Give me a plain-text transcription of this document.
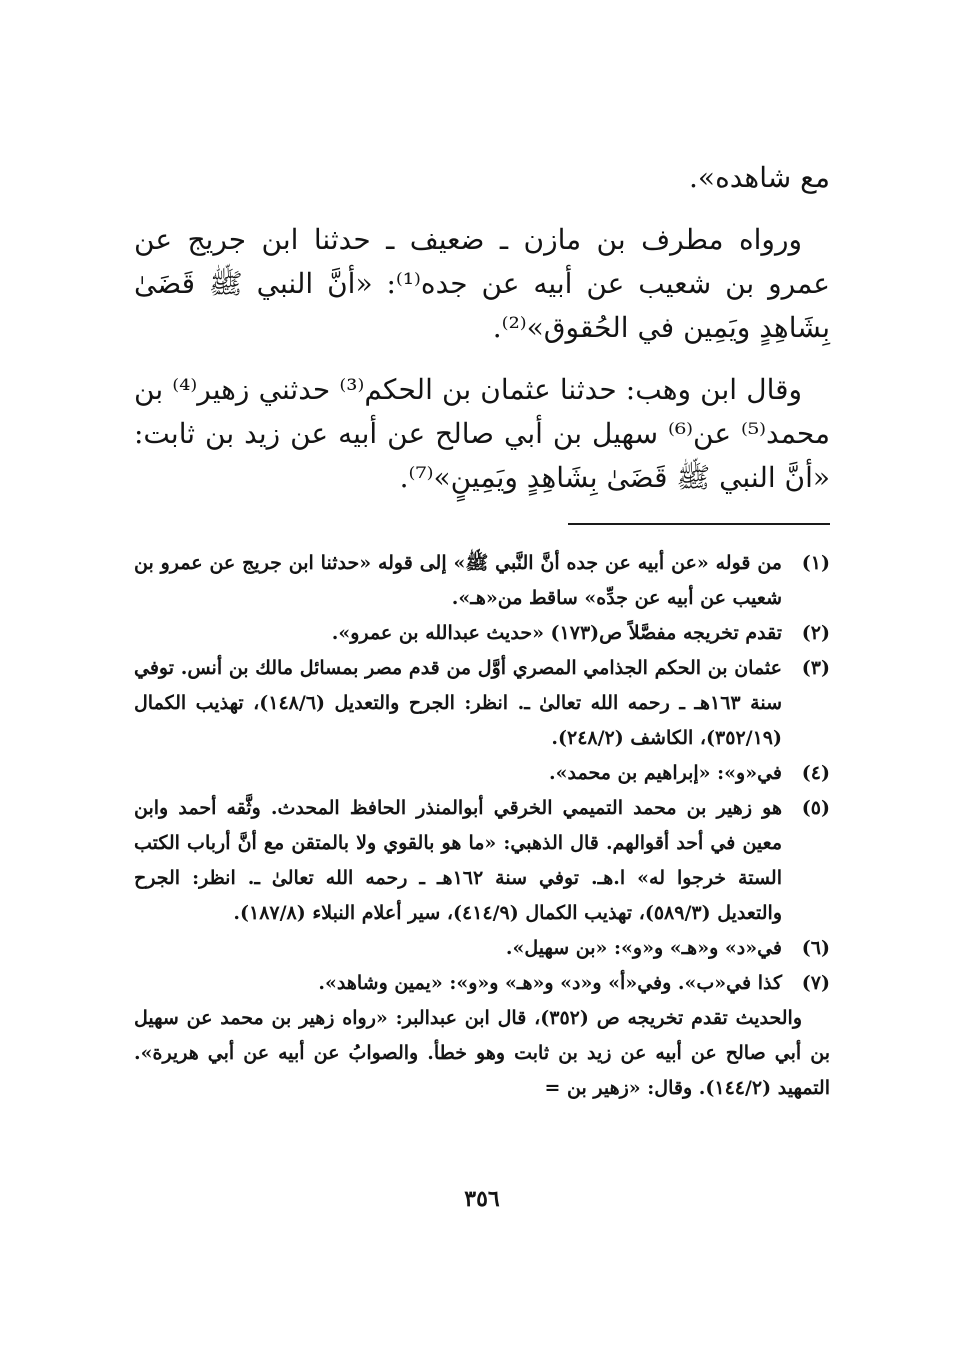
مع شاهده».

ورواه مطرف بن مازن ـ ضعيف ـ حدثنا ابن جريج عن عمرو بن شعيب عن أبيه عن جده⁽¹⁾: «أنَّ النبي ﷺ قَضَىٰ بِشَاهِدٍ ويَمِين في الحُقوق»⁽²⁾.

وقال ابن وهب: حدثنا عثمان بن الحكم⁽³⁾ حدثني زهير⁽⁴⁾ بن محمد⁽⁵⁾ عن⁽⁶⁾ سهيل بن أبي صالح عن أبيه عن زيد بن ثابت: «أنَّ النبي ﷺ قَضَىٰ بِشَاهِدٍ ويَمِينٍ»⁽⁷⁾.

(١)
من قوله «عن أبيه عن جده أنَّ النَّبي ﷺ» إلى قوله «حدثنا ابن جريج عن عمرو بن شعيب عن أبيه عن جدِّه» ساقط من«هـ».
(٢)
تقدم تخريجه مفصَّلاً ص(١٧٣) «حديث عبدالله بن عمرو».
(٣)
عثمان بن الحكم الجذامي المصري أوَّل من قدم مصر بمسائل مالك بن أنس. توفي سنة ١٦٣هـ ـ رحمه الله تعالىٰ ـ. انظر: الجرح والتعديل (١٤٨/٦)، تهذيب الكمال (٣٥٢/١٩)، الكاشف (٢٤٨/٢).
(٤)
في«و»: «إبراهيم بن محمد».
(٥)
هو زهير بن محمد التميمي الخرقي أبوالمنذر الحافظ المحدث. وثَّقه أحمد وابن معين في أحد أقوالهم. قال الذهبي: «ما هو بالقوي ولا بالمتقن مع أنَّ أرباب الكتب الستة خرجوا له» ا.هـ. توفي سنة ١٦٢هـ ـ رحمه الله تعالىٰ ـ. انظر: الجرح والتعديل (٥٨٩/٣)، تهذيب الكمال (٤١٤/٩)، سير أعلام النبلاء (١٨٧/٨).
(٦)
في«د» و«هـ» و«و»: «بن سهيل».
(٧)
كذا في«ب». وفي«أ» و«د» و«هـ» و«و»: «يمين وشاهد».
والحديث تقدم تخريجه ص (٣٥٢)، قال ابن عبدالبر: «رواه زهير بن محمد عن سهيل بن أبي صالح عن أبيه عن زيد بن ثابت وهو خطأ. والصوابُ عن أبيه عن أبي هريرة». التمهيد (١٤٤/٢). وقال: «زهير بن =
٣٥٦
